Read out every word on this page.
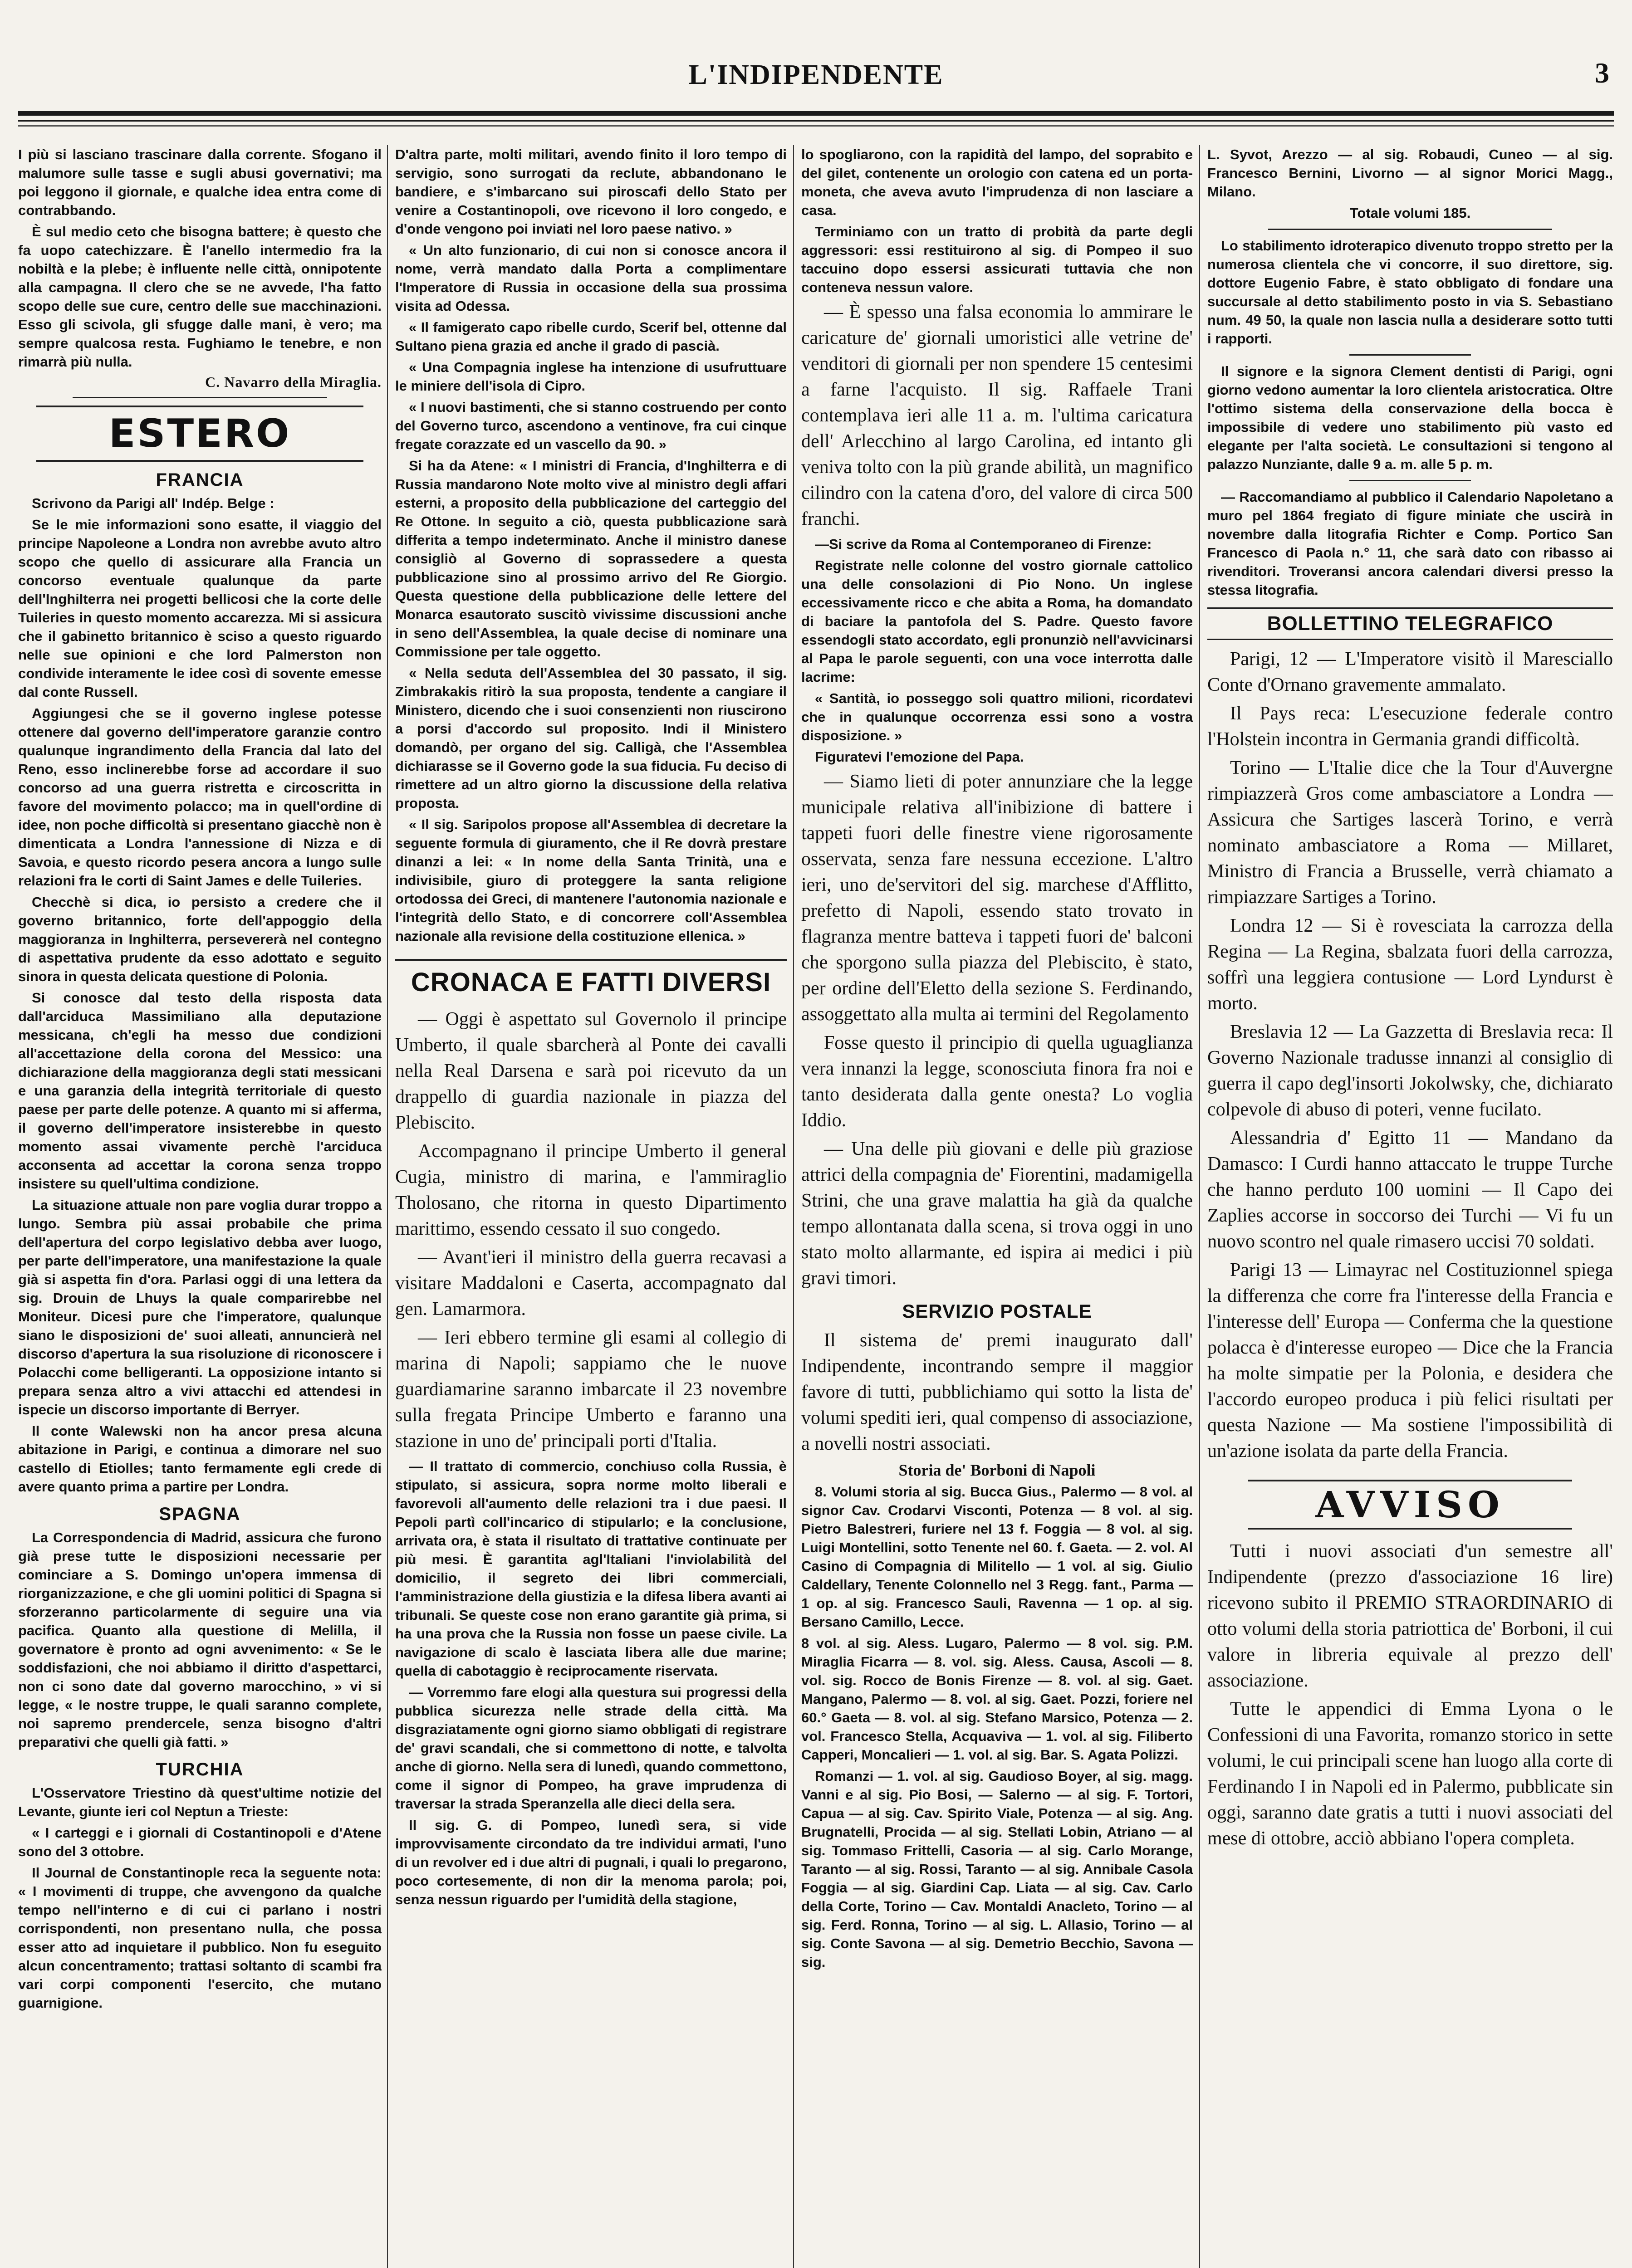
L'INDIPENDENTE	3

I più si lasciano trascinare dalla corrente. Sfogano il malumore sulle tasse e sugli abusi governativi; ma poi leggono il giornale, e qualche idea entra come di contrabbando.

È sul medio ceto che bisogna battere; è questo che fa uopo catechizzare. È l'anello intermedio fra la nobiltà e la plebe; è influente nelle città, onnipotente alla campagna. Il clero che se ne avvede, l'ha fatto scopo delle sue cure, centro delle sue macchinazioni. Esso gli scivola, gli sfugge dalle mani, è vero; ma sempre qualcosa resta. Fughiamo le tenebre, e non rimarrà più nulla.

C. Navarro della Miraglia.
ESTERO
FRANCIA

Scrivono da Parigi all' Indép. Belge :

Se le mie informazioni sono esatte, il viaggio del principe Napoleone a Londra non avrebbe avuto altro scopo che quello di assicurare alla Francia un concorso eventuale qualunque da parte dell'Inghilterra nei progetti bellicosi che la corte delle Tuileries in questo momento accarezza. Mi si assicura che il gabinetto britannico è sciso a questo riguardo nelle sue opinioni e che lord Palmerston non condivide interamente le idee così di sovente emesse dal conte Russell.

Aggiungesi che se il governo inglese potesse ottenere dal governo dell'imperatore garanzie contro qualunque ingrandimento della Francia dal lato del Reno, esso inclinerebbe forse ad accordare il suo concorso ad una guerra ristretta e circoscritta in favore del movimento polacco; ma in quell'ordine di idee, non poche difficoltà si presentano giacchè non è dimenticata a Londra l'annessione di Nizza e di Savoia, e questo ricordo pesera ancora a lungo sulle relazioni fra le corti di Saint James e delle Tuileries.

Checchè si dica, io persisto a credere che il governo britannico, forte dell'appoggio della maggioranza in Inghilterra, persevererà nel contegno di aspettativa prudente da esso adottato e seguito sinora in questa delicata questione di Polonia.

Si conosce dal testo della risposta data dall'arciduca Massimiliano alla deputazione messicana, ch'egli ha messo due condizioni all'accettazione della corona del Messico: una dichiarazione della maggioranza degli stati messicani e una garanzia della integrità territoriale di questo paese per parte delle potenze. A quanto mi si afferma, il governo dell'imperatore insisterebbe in questo momento assai vivamente perchè l'arciduca acconsenta ad accettar la corona senza troppo insistere su quell'ultima condizione.

La situazione attuale non pare voglia durar troppo a lungo. Sembra più assai probabile che prima dell'apertura del corpo legislativo debba aver luogo, per parte dell'imperatore, una manifestazione la quale già si aspetta fin d'ora. Parlasi oggi di una lettera da sig. Drouin de Lhuys la quale comparirebbe nel Moniteur. Dicesi pure che l'imperatore, qualunque siano le disposizioni de' suoi alleati, annuncierà nel discorso d'apertura la sua risoluzione di riconoscere i Polacchi come belligeranti. La opposizione intanto si prepara senza altro a vivi attacchi ed attendesi in ispecie un discorso importante di Berryer.

Il conte Walewski non ha ancor presa alcuna abitazione in Parigi, e continua a dimorare nel suo castello di Etiolles; tanto fermamente egli crede di avere quanto prima a partire per Londra.

SPAGNA

La Correspondencia di Madrid, assicura che furono già prese tutte le disposizioni necessarie per cominciare a S. Domingo un'opera immensa di riorganizzazione, e che gli uomini politici di Spagna si sforzeranno particolarmente di seguire una via pacifica. Quanto alla questione di Melilla, il governatore è pronto ad ogni avvenimento: « Se le soddisfazioni, che noi abbiamo il diritto d'aspettarci, non ci sono date dal governo marocchino, » vi si legge, « le nostre truppe, le quali saranno complete, noi sapremo prendercele, senza bisogno d'altri preparativi che quelli già fatti. »

TURCHIA

L'Osservatore Triestino dà quest'ultime notizie del Levante, giunte ieri col Neptun a Trieste:

« I carteggi e i giornali di Costantinopoli e d'Atene sono del 3 ottobre.

Il Journal de Constantinople reca la seguente nota: « I movimenti di truppe, che avvengono da qualche tempo nell'interno e di cui ci parlano i nostri corrispondenti, non presentano nulla, che possa esser atto ad inquietare il pubblico. Non fu eseguito alcun concentramento; trattasi soltanto di scambi fra vari corpi componenti l'esercito, che mutano guarnigione.

D'altra parte, molti militari, avendo finito il loro tempo di servigio, sono surrogati da reclute, abbandonano le bandiere, e s'imbarcano sui piroscafi dello Stato per venire a Costantinopoli, ove ricevono il loro congedo, e d'onde vengono poi inviati nel loro paese nativo. »

« Un alto funzionario, di cui non si conosce ancora il nome, verrà mandato dalla Porta a complimentare l'Imperatore di Russia in occasione della sua prossima visita ad Odessa.

« Il famigerato capo ribelle curdo, Scerif bel, ottenne dal Sultano piena grazia ed anche il grado di pascià.

« Una Compagnia inglese ha intenzione di usufruttuare le miniere dell'isola di Cipro.

« I nuovi bastimenti, che si stanno costruendo per conto del Governo turco, ascendono a ventinove, fra cui cinque fregate corazzate ed un vascello da 90. »

Si ha da Atene: « I ministri di Francia, d'Inghilterra e di Russia mandarono Note molto vive al ministro degli affari esterni, a proposito della pubblicazione del carteggio del Re Ottone. In seguito a ciò, questa pubblicazione sarà differita a tempo indeterminato. Anche il ministro danese consigliò al Governo di soprassedere a questa pubblicazione sino al prossimo arrivo del Re Giorgio. Questa questione della pubblicazione delle lettere del Monarca esautorato suscitò vivissime discussioni anche in seno dell'Assemblea, la quale decise di nominare una Commissione per tale oggetto.

« Nella seduta dell'Assemblea del 30 passato, il sig. Zimbrakakis ritirò la sua proposta, tendente a cangiare il Ministero, dicendo che i suoi consenzienti non riuscirono a porsi d'accordo sul proposito. Indi il Ministero domandò, per organo del sig. Calligà, che l'Assemblea dichiarasse se il Governo gode la sua fiducia. Fu deciso di rimettere ad un altro giorno la discussione della relativa proposta.

« Il sig. Saripolos propose all'Assemblea di decretare la seguente formula di giuramento, che il Re dovrà prestare dinanzi a lei: « In nome della Santa Trinità, una e indivisibile, giuro di proteggere la santa religione ortodossa dei Greci, di mantenere l'autonomia nazionale e l'integrità dello Stato, e di concorrere coll'Assemblea nazionale alla revisione della costituzione ellenica. »

CRONACA E FATTI DIVERSI

— Oggi è aspettato sul Governolo il principe Umberto, il quale sbarcherà al Ponte dei cavalli nella Real Darsena e sarà poi ricevuto da un drappello di guardia nazionale in piazza del Plebiscito.

Accompagnano il principe Umberto il general Cugia, ministro di marina, e l'ammiraglio Tholosano, che ritorna in questo Dipartimento marittimo, essendo cessato il suo congedo.

— Avant'ieri il ministro della guerra recavasi a visitare Maddaloni e Caserta, accompagnato dal gen. Lamarmora.

— Ieri ebbero termine gli esami al collegio di marina di Napoli; sappiamo che le nuove guardiamarine saranno imbarcate il 23 novembre sulla fregata Principe Umberto e faranno una stazione in uno de' principali porti d'Italia.

— Il trattato di commercio, conchiuso colla Russia, è stipulato, si assicura, sopra norme molto liberali e favorevoli all'aumento delle relazioni tra i due paesi. Il Pepoli partì coll'incarico di stipularlo; e la conclusione, arrivata ora, è stata il risultato di trattative continuate per più mesi. È garantita agl'Italiani l'inviolabilità del domicilio, il segreto dei libri commerciali, l'amministrazione della giustizia e la difesa libera avanti ai tribunali. Se queste cose non erano garantite già prima, si ha una prova che la Russia non fosse un paese civile. La navigazione di scalo è lasciata libera alle due marine; quella di cabotaggio è reciprocamente riservata.

— Vorremmo fare elogi alla questura sui progressi della pubblica sicurezza nelle strade della città. Ma disgraziatamente ogni giorno siamo obbligati di registrare de' gravi scandali, che si commettono di notte, e talvolta anche di giorno. Nella sera di lunedì, quando commettono, come il signor di Pompeo, ha grave imprudenza di traversar la strada Speranzella alle dieci della sera.

Il sig. G. di Pompeo, lunedì sera, si vide improvvisamente circondato da tre individui armati, l'uno di un revolver ed i due altri di pugnali, i quali lo pregarono, poco cortesemente, di non dir la menoma parola; poi, senza nessun riguardo per l'umidità della stagione,

lo spogliarono, con la rapidità del lampo, del soprabito e del gilet, contenente un orologio con catena ed un porta-moneta, che aveva avuto l'imprudenza di non lasciare a casa.

Terminiamo con un tratto di probità da parte degli aggressori: essi restituirono al sig. di Pompeo il suo taccuino dopo essersi assicurati tuttavia che non conteneva nessun valore.

— È spesso una falsa economia lo ammirare le caricature de' giornali umoristici alle vetrine de' venditori di giornali per non spendere 15 centesimi a farne l'acquisto. Il sig. Raffaele Trani contemplava ieri alle 11 a. m. l'ultima caricatura dell' Arlecchino al largo Carolina, ed intanto gli veniva tolto con la più grande abilità, un magnifico cilindro con la catena d'oro, del valore di circa 500 franchi.

—Si scrive da Roma al Contemporaneo di Firenze:

Registrate nelle colonne del vostro giornale cattolico una delle consolazioni di Pio Nono. Un inglese eccessivamente ricco e che abita a Roma, ha domandato di baciare la pantofola del S. Padre. Questo favore essendogli stato accordato, egli pronunziò nell'avvicinarsi al Papa le parole seguenti, con una voce interrotta dalle lacrime:

« Santità, io posseggo soli quattro milioni, ricordatevi che in qualunque occorrenza essi sono a vostra disposizione. »

Figuratevi l'emozione del Papa.

— Siamo lieti di poter annunziare che la legge municipale relativa all'inibizione di battere i tappeti fuori delle finestre viene rigorosamente osservata, senza fare nessuna eccezione. L'altro ieri, uno de'servitori del sig. marchese d'Afflitto, prefetto di Napoli, essendo stato trovato in flagranza mentre batteva i tappeti fuori de' balconi che sporgono sulla piazza del Plebiscito, è stato, per ordine dell'Eletto della sezione S. Ferdinando, assoggettato alla multa ai termini del Regolamento

Fosse questo il principio di quella uguaglianza vera innanzi la legge, sconosciuta finora fra noi e tanto desiderata dalla gente onesta? Lo voglia Iddio.

— Una delle più giovani e delle più graziose attrici della compagnia de' Fiorentini, madamigella Strini, che una grave malattia ha già da qualche tempo allontanata dalla scena, si trova oggi in uno stato molto allarmante, ed ispira ai medici i più gravi timori.

SERVIZIO POSTALE

Il sistema de' premi inaugurato dall' Indipendente, incontrando sempre il maggior favore di tutti, pubblichiamo qui sotto la lista de' volumi spediti ieri, qual compenso di associazione, a novelli nostri associati.

Storia de' Borboni di Napoli

8. Volumi storia al sig. Bucca Gius., Palermo — 8 vol. al signor Cav. Crodarvi Visconti, Potenza — 8 vol. al sig. Pietro Balestreri, furiere nel 13 f. Foggia — 8 vol. al sig. Luigi Montellini, sotto Tenente nel 60. f. Gaeta. — 2. vol. Al Casino di Compagnia di Militello — 1 vol. al sig. Giulio Caldellary, Tenente Colonnello nel 3 Regg. fant., Parma — 1 op. al sig. Francesco Sauli, Ravenna — 1 op. al sig. Bersano Camillo, Lecce.

8 vol. al sig. Aless. Lugaro, Palermo — 8 vol. sig. P.M. Miraglia Ficarra — 8. vol. sig. Aless. Causa, Ascoli — 8. vol. sig. Rocco de Bonis Firenze — 8. vol. al sig. Gaet. Mangano, Palermo — 8. vol. al sig. Gaet. Pozzi, foriere nel 60.° Gaeta — 8. vol. al sig. Stefano Marsico, Potenza — 2. vol. Francesco Stella, Acquaviva — 1. vol. al sig. Filiberto Capperi, Moncalieri — 1. vol. al sig. Bar. S. Agata Polizzi.

Romanzi — 1. vol. al sig. Gaudioso Boyer, al sig. magg. Vanni e al sig. Pio Bosi, — Salerno — al sig. F. Tortori, Capua — al sig. Cav. Spirito Viale, Potenza — al sig. Ang. Brugnatelli, Procida — al sig. Stellati Lobin, Atriano — al sig. Tommaso Frittelli, Casoria — al sig. Carlo Morange, Taranto — al sig. Rossi, Taranto — al sig. Annibale Casola Foggia — al sig. Giardini Cap. Liata — al sig. Cav. Carlo della Corte, Torino — Cav. Montaldi Anacleto, Torino — al sig. Ferd. Ronna, Torino — al sig. L. Allasio, Torino — al sig. Conte Savona — al sig. Demetrio Becchio, Savona — sig.

L. Syvot, Arezzo — al sig. Robaudi, Cuneo — al sig. Francesco Bernini, Livorno — al signor Morici Magg., Milano.

Totale volumi 185.

Lo stabilimento idroterapico divenuto troppo stretto per la numerosa clientela che vi concorre, il suo direttore, sig. dottore Eugenio Fabre, è stato obbligato di fondare una succursale al detto stabilimento posto in via S. Sebastiano num. 49 50, la quale non lascia nulla a desiderare sotto tutti i rapporti.

Il signore e la signora Clement dentisti di Parigi, ogni giorno vedono aumentar la loro clientela aristocratica. Oltre l'ottimo sistema della conservazione della bocca è impossibile di vedere uno stabilimento più vasto ed elegante per l'alta società. Le consultazioni si tengono al palazzo Nunziante, dalle 9 a. m. alle 5 p. m.

— Raccomandiamo al pubblico il Calendario Napoletano a muro pel 1864 fregiato di figure miniate che uscirà in novembre dalla litografia Richter e Comp. Portico San Francesco di Paola n.° 11, che sarà dato con ribasso ai rivenditori. Troveransi ancora calendari diversi presso la stessa litografia.

BOLLETTINO TELEGRAFICO

Parigi, 12 — L'Imperatore visitò il Maresciallo Conte d'Ornano gravemente ammalato.

Il Pays reca: L'esecuzione federale contro l'Holstein incontra in Germania grandi difficoltà.

Torino — L'Italie dice che la Tour d'Auvergne rimpiazzerà Gros come ambasciatore a Londra — Assicura che Sartiges lascerà Torino, e verrà nominato ambasciatore a Roma — Millaret, Ministro di Francia a Brusselle, verrà chiamato a rimpiazzare Sartiges a Torino.

Londra 12 — Si è rovesciata la carrozza della Regina — La Regina, sbalzata fuori della carrozza, soffrì una leggiera contusione — Lord Lyndurst è morto.

Breslavia 12 — La Gazzetta di Breslavia reca: Il Governo Nazionale tradusse innanzi al consiglio di guerra il capo degl'insorti Jokolwsky, che, dichiarato colpevole di abuso di poteri, venne fucilato.

Alessandria d' Egitto 11 — Mandano da Damasco: I Curdi hanno attaccato le truppe Turche che hanno perduto 100 uomini — Il Capo dei Zaplies accorse in soccorso dei Turchi — Vi fu un nuovo scontro nel quale rimasero uccisi 70 soldati.

Parigi 13 — Limayrac nel Costituzionnel spiega la differenza che corre fra l'interesse della Francia e l'interesse dell' Europa — Conferma che la questione polacca è d'interesse europeo — Dice che la Francia ha molte simpatie per la Polonia, e desidera che l'accordo europeo produca i più felici risultati per questa Nazione — Ma sostiene l'impossibilità di un'azione isolata da parte della Francia.

AVVISO

Tutti i nuovi associati d'un semestre all' Indipendente (prezzo d'associazione 16 lire) ricevono subito il PREMIO STRAORDINARIO di otto volumi della storia patriottica de' Borboni, il cui valore in libreria equivale al prezzo dell' associazione.

Tutte le appendici di Emma Lyona o le Confessioni di una Favorita, romanzo storico in sette volumi, le cui principali scene han luogo alla corte di Ferdinando I in Napoli ed in Palermo, pubblicate sin oggi, saranno date gratis a tutti i nuovi associati del mese di ottobre, acciò abbiano l'opera completa.
